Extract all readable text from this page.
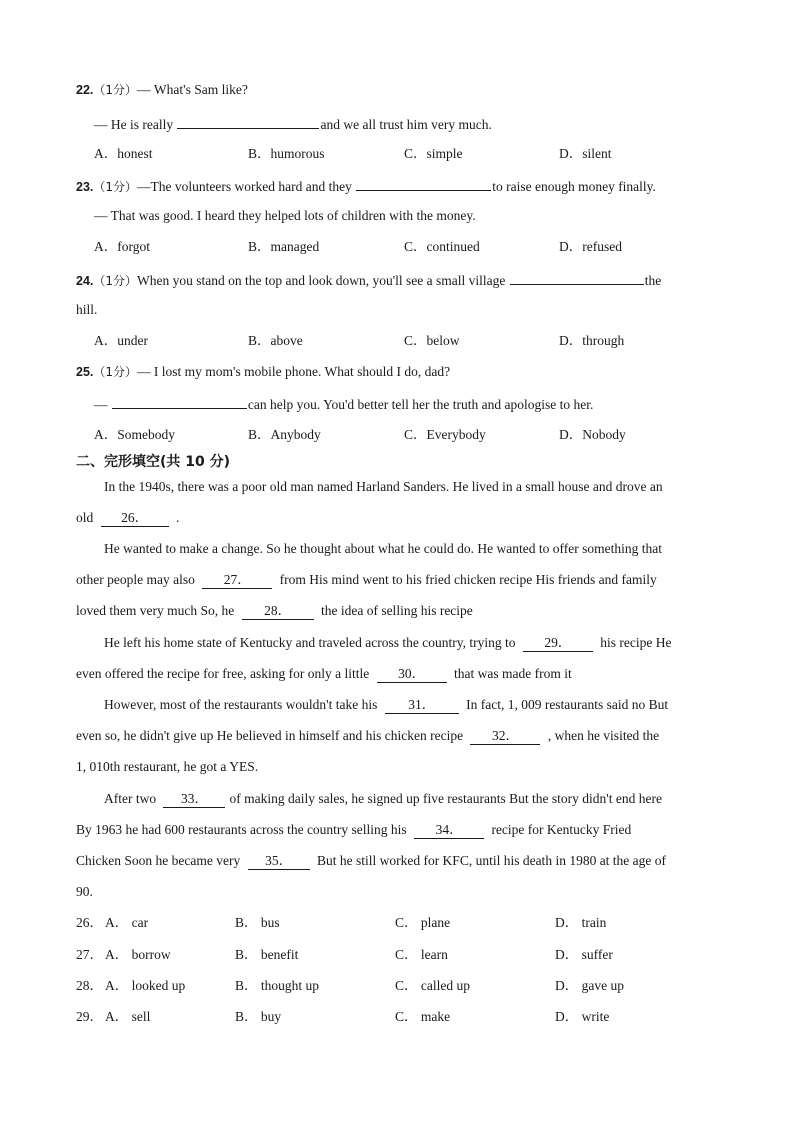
22.（1分）— What's Sam like?
— He is really	and we all trust him very much.
A．honest	B．humorous	C．simple	D．silent
23.（1分）—The volunteers worked hard and they	to raise enough money finally.
— That was good. I heard they helped lots of children with the money.
A．forgot	B．managed	C．continued	D．refused
24.（1分）When you stand on the top and look down, you'll see a small village	the
hill.
A．under	B．above	C．below	D．through
25.（1分）— I lost my mom's mobile phone. What should I do, dad?
—	can help you. You'd better tell her the truth and apologise to her.
A．Somebody	B．Anybody	C．Everybody	D．Nobody
二、完形填空(共 10 分)
In the 1940s, there was a poor old man named Harland Sanders. He lived in a small house and drove an
old 26． .
He wanted to make a change. So he thought about what he could do. He wanted to offer something that
other people may also 27． from His mind went to his fried chicken recipe His friends and family
loved them very much So, he 28． the idea of selling his recipe
He left his home state of Kentucky and traveled across the country, trying to 29． his recipe He
even offered the recipe for free, asking for only a little 30． that was made from it
However, most of the restaurants wouldn't take his 31． In fact, 1, 009 restaurants said no But
even so, he didn't give up He believed in himself and his chicken recipe 32． , when he visited the
1, 010th restaurant, he got a YES.
After two 33． of making daily sales, he signed up five restaurants But the story didn't end here
By 1963 he had 600 restaurants across the country selling his 34． recipe for Kentucky Fried
Chicken Soon he became very 35． But he still worked for KFC, until his death in 1980 at the age of
90.
26． A． car	B． bus	C． plane	D． train
27． A． borrow	B． benefit	C． learn	D． suffer
28． A． looked up	B． thought up	C． called up	D． gave up
29． A． sell	B． buy	C． make	D． write
